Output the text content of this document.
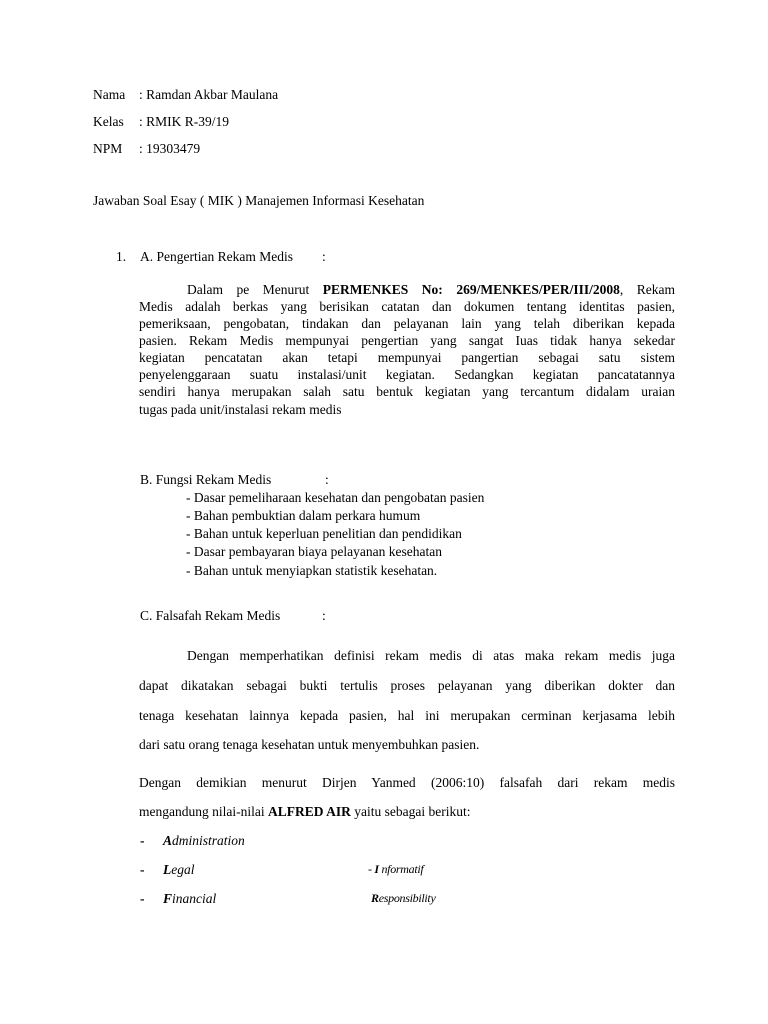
Nama : Ramdan Akbar Maulana
Kelas : RMIK R-39/19
NPM : 19303479
Jawaban Soal Esay ( MIK ) Manajemen Informasi Kesehatan
1. A. Pengertian Rekam Medis :
Dalam pe Menurut PERMENKES No: 269/MENKES/PER/III/2008, Rekam
Medis adalah berkas yang berisikan catatan dan dokumen tentang identitas pasien,
pemeriksaan, pengobatan, tindakan dan pelayanan lain yang telah diberikan kepada
pasien. Rekam Medis mempunyai pengertian yang sangat Iuas tidak hanya sekedar
kegiatan pencatatan akan tetapi mempunyai pangertian sebagai satu sistem
penyelenggaraan suatu instalasi/unit kegiatan. Sedangkan kegiatan pancatatannya
sendiri hanya merupakan salah satu bentuk kegiatan yang tercantum didalam uraian
tugas pada unit/instalasi rekam medis
B. Fungsi Rekam Medis	:
- Dasar pemeliharaan kesehatan dan pengobatan pasien
- Bahan pembuktian dalam perkara humum
- Bahan untuk keperluan penelitian dan pendidikan
- Dasar pembayaran biaya pelayanan kesehatan
- Bahan untuk menyiapkan statistik kesehatan.
C. Falsafah Rekam Medis	:
Dengan memperhatikan definisi rekam medis di atas maka rekam medis juga
dapat dikatakan sebagai bukti tertulis proses pelayanan yang diberikan dokter dan
tenaga kesehatan lainnya kepada pasien, hal ini merupakan cerminan kerjasama lebih
dari satu orang tenaga kesehatan untuk menyembuhkan pasien.
Dengan demikian menurut Dirjen Yanmed (2006:10) falsafah dari rekam medis
mengandung nilai-nilai ALFRED AIR yaitu sebagai berikut:
- Administration
- Legal	- I nformatif
- Financial	Responsibility
